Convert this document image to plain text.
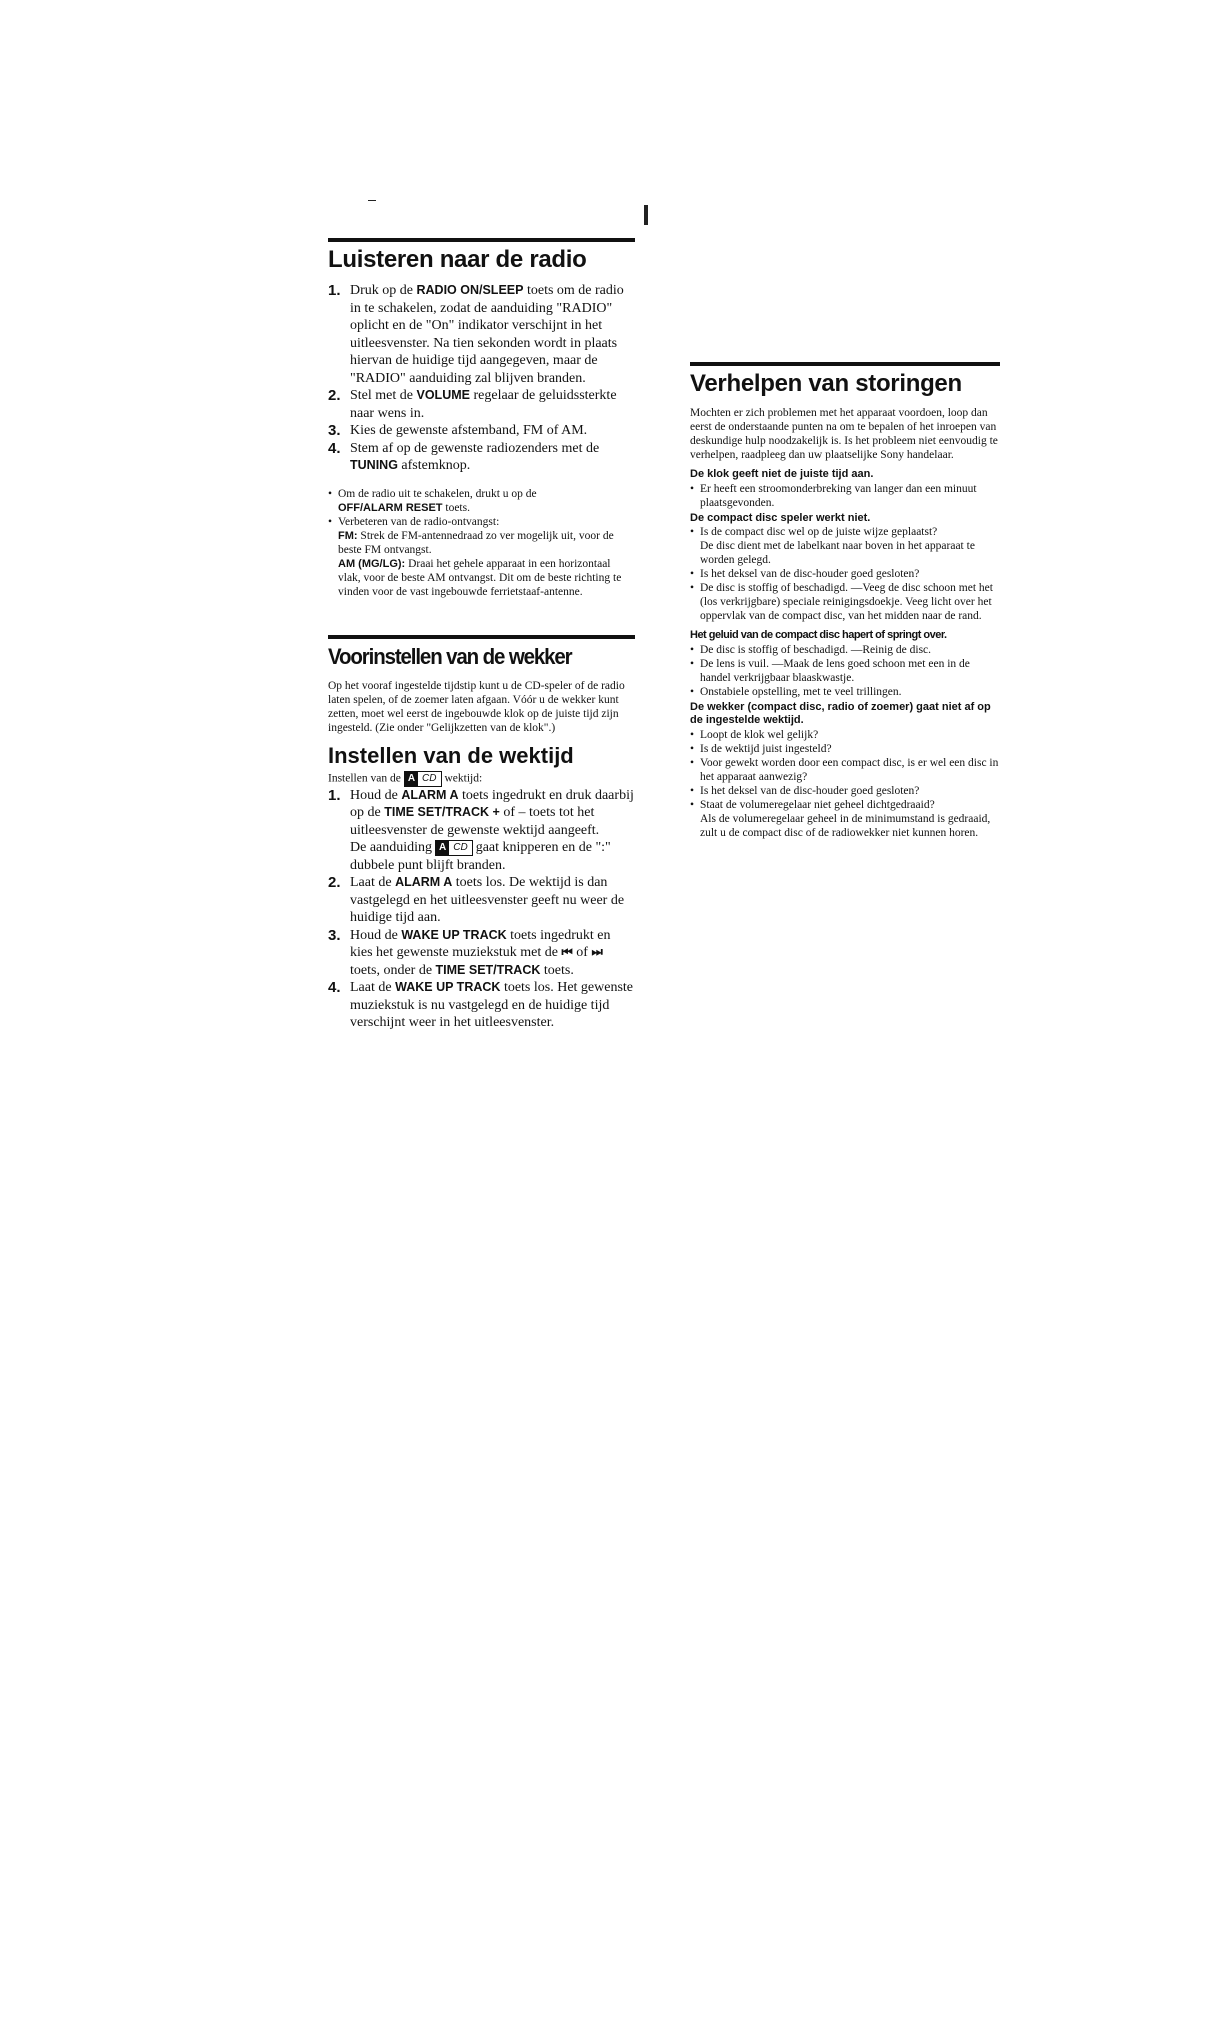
Luisteren naar de radio
1. Druk op de RADIO ON/SLEEP toets om de radio in te schakelen, zodat de aanduiding "RADIO" oplicht en de "On" indikator verschijnt in het uitleesvenster. Na tien sekonden wordt in plaats hiervan de huidige tijd aangegeven, maar de "RADIO" aanduiding zal blijven branden.
2. Stel met de VOLUME regelaar de geluidssterkte naar wens in.
3. Kies de gewenste afstemband, FM of AM.
4. Stem af op de gewenste radiozenders met de TUNING afstemknop.
• Om de radio uit te schakelen, drukt u op de
OFF/ALARM RESET toets.
• Verbeteren van de radio-ontvangst:
FM: Strek de FM-antennedraad zo ver mogelijk uit, voor de beste FM ontvangst.
AM (MG/LG): Draai het gehele apparaat in een horizontaal vlak, voor de beste AM ontvangst. Dit om de beste richting te vinden voor de vast ingebouwde ferrietstaaf-antenne.
Voorinstellen van de wekker

Op het vooraf ingestelde tijdstip kunt u de CD-speler of de radio laten spelen, of de zoemer laten afgaan. Vóór u de wekker kunt zetten, moet wel eerst de ingebouwde klok op de juiste tijd zijn ingesteld. (Zie onder "Gelijkzetten van de klok".)

Instellen van de wektijd

Instellen van de A CD wektijd:

1. Houd de ALARM A toets ingedrukt en druk daarbij op de TIME SET/TRACK + of – toets tot het uitleesvenster de gewenste wektijd aangeeft.
De aanduiding A CD gaat knipperen en de ":" dubbele punt blijft branden.
2. Laat de ALARM A toets los. De wektijd is dan vastgelegd en het uitleesvenster geeft nu weer de huidige tijd aan.
3. Houd de WAKE UP TRACK toets ingedrukt en kies het gewenste muziekstuk met de ⏮ of ⏭ toets, onder de TIME SET/TRACK toets.
4. Laat de WAKE UP TRACK toets los. Het gewenste muziekstuk is nu vastgelegd en de huidige tijd verschijnt weer in het uitleesvenster.
Verhelpen van storingen

Mochten er zich problemen met het apparaat voordoen, loop dan eerst de onderstaande punten na om te bepalen of het inroepen van deskundige hulp noodzakelijk is. Is het probleem niet eenvoudig te verhelpen, raadpleeg dan uw plaatselijke Sony handelaar.

De klok geeft niet de juiste tijd aan.

• Er heeft een stroomonderbreking van langer dan een minuut plaatsgevonden.

De compact disc speler werkt niet.

• Is de compact disc wel op de juiste wijze geplaatst?
De disc dient met de labelkant naar boven in het apparaat te worden gelegd.
• Is het deksel van de disc-houder goed gesloten?
• De disc is stoffig of beschadigd. —Veeg de disc schoon met het (los verkrijgbare) speciale reinigingsdoekje. Veeg licht over het oppervlak van de compact disc, van het midden naar de rand.

Het geluid van de compact disc hapert of springt over.

• De disc is stoffig of beschadigd. —Reinig de disc.
• De lens is vuil. —Maak de lens goed schoon met een in de handel verkrijgbaar blaaskwastje.
• Onstabiele opstelling, met te veel trillingen.

De wekker (compact disc, radio of zoemer) gaat niet af op de ingestelde wektijd.

• Loopt de klok wel gelijk?
• Is de wektijd juist ingesteld?
• Voor gewekt worden door een compact disc, is er wel een disc in het apparaat aanwezig?
• Is het deksel van de disc-houder goed gesloten?
• Staat de volumeregelaar niet geheel dichtgedraaid?
Als de volumeregelaar geheel in de minimumstand is gedraaid, zult u de compact disc of de radiowekker niet kunnen horen.
